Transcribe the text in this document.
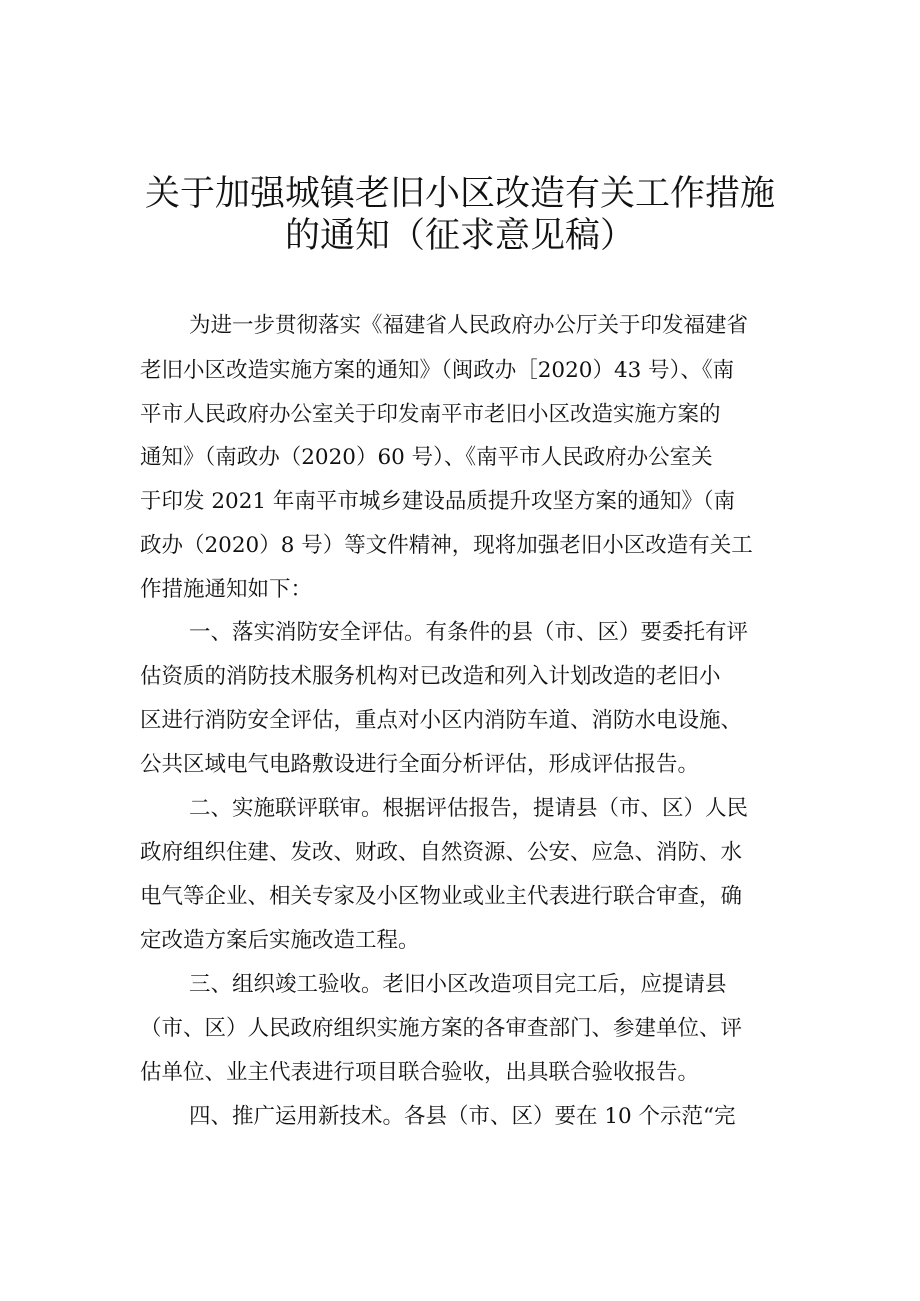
关于加强城镇老旧小区改造有关工作措施
的通知（征求意见稿）
为进一步贯彻落实《福建省人民政府办公厅关于印发福建省
老旧小区改造实施方案的通知》（闽政办［2020）43 号）、《南
平市人民政府办公室关于印发南平市老旧小区改造实施方案的
通知》（南政办（2020）60 号）、《南平市人民政府办公室关
于印发 2021 年南平市城乡建设品质提升攻坚方案的通知》（南
政办（2020）8 号）等文件精神，现将加强老旧小区改造有关工
作措施通知如下：
一、落实消防安全评估。有条件的县（市、区）要委托有评
估资质的消防技术服务机构对已改造和列入计划改造的老旧小
区进行消防安全评估，重点对小区内消防车道、消防水电设施、
公共区域电气电路敷设进行全面分析评估，形成评估报告。
二、实施联评联审。根据评估报告，提请县（市、区）人民
政府组织住建、发改、财政、自然资源、公安、应急、消防、水
电气等企业、相关专家及小区物业或业主代表进行联合审查，确
定改造方案后实施改造工程。
三、组织竣工验收。老旧小区改造项目完工后，应提请县
（市、区）人民政府组织实施方案的各审查部门、参建单位、评
估单位、业主代表进行项目联合验收，出具联合验收报告。
四、推广运用新技术。各县（市、区）要在 10 个示范“完
